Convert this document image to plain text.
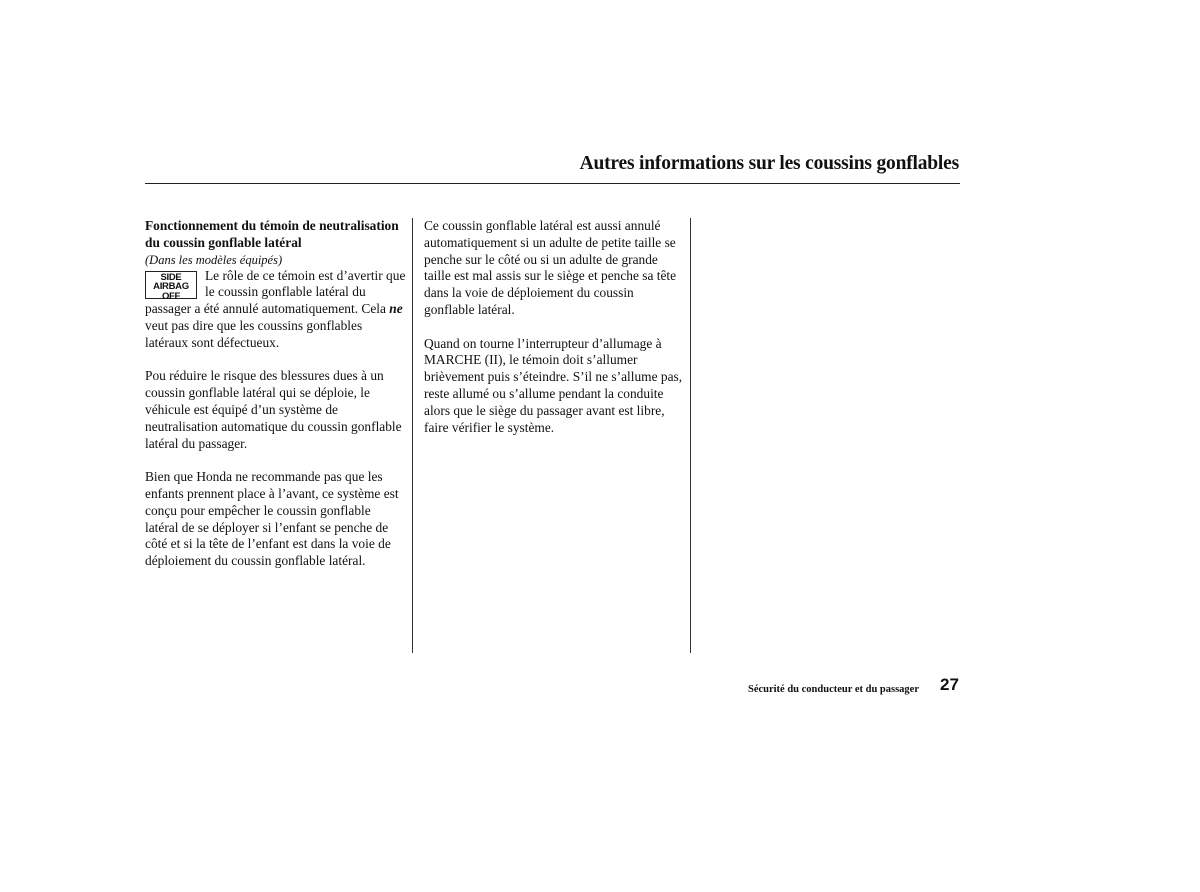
Autres informations sur les coussins gonflables

Fonctionnement du témoin de neutralisation du coussin gonflable latéral

(Dans les modèles équipés)

SIDE
AIRBAG
OFF

Le rôle de ce témoin est d’avertir que le coussin gonflable latéral du passager a été annulé automatiquement. Cela ne veut pas dire que les coussins gonflables latéraux sont défectueux.

Pou réduire le risque des blessures dues à un coussin gonflable latéral qui se déploie, le véhicule est équipé d’un système de neutralisation automatique du coussin gonflable latéral du passager.

Bien que Honda ne recommande pas que les enfants prennent place à l’avant, ce système est conçu pour empêcher le coussin gonflable latéral de se déployer si l’enfant se penche de côté et si la tête de l’enfant est dans la voie de déploiement du coussin gonflable latéral.

Ce coussin gonflable latéral est aussi annulé automatiquement si un adulte de petite taille se penche sur le côté ou si un adulte de grande taille est mal assis sur le siège et penche sa tête dans la voie de déploiement du coussin gonflable latéral.

Quand on tourne l’interrupteur d’allumage à MARCHE (II), le témoin doit s’allumer brièvement puis s’éteindre. S’il ne s’allume pas, reste allumé ou s’allume pendant la conduite alors que le siège du passager avant est libre, faire vérifier le système.

Sécurité du conducteur et du passager 27
